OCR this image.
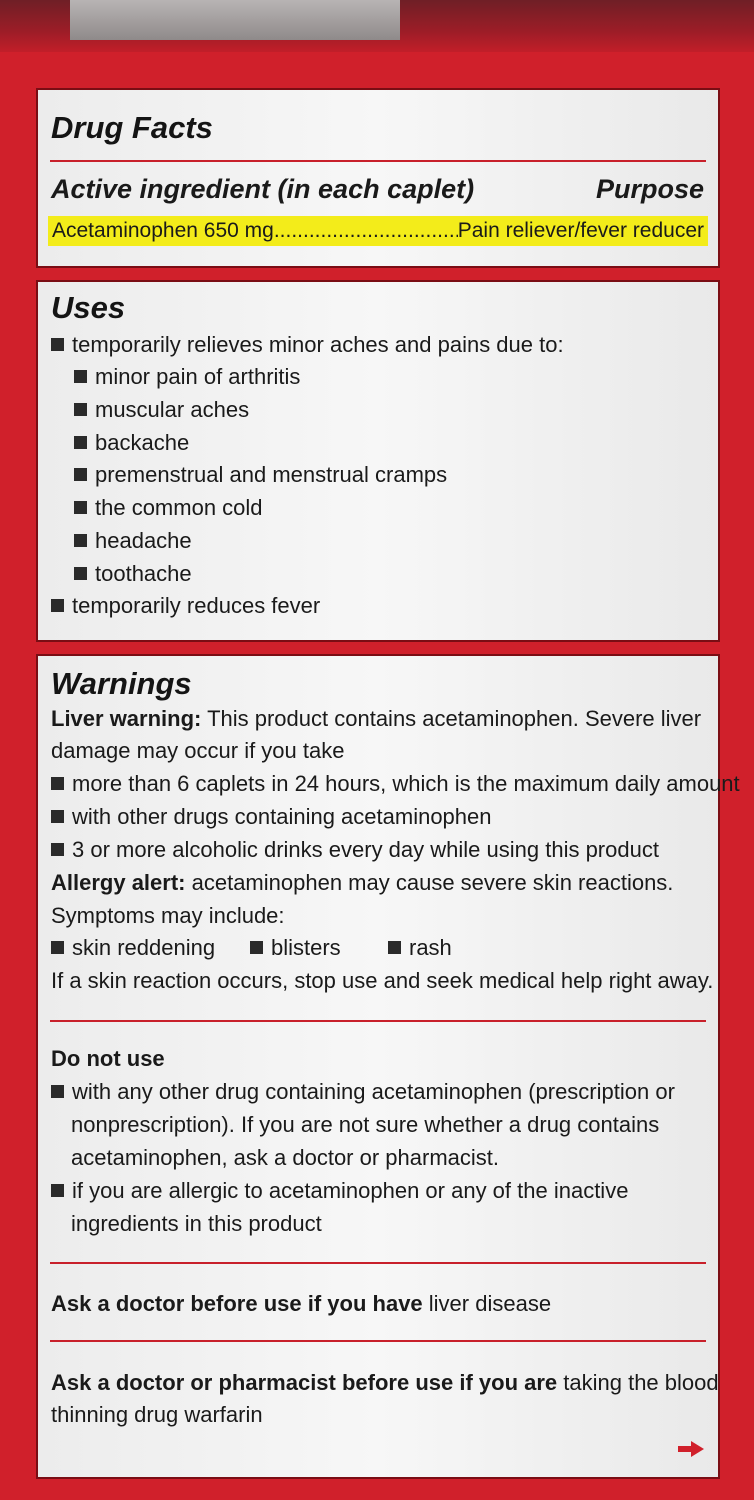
Drug Facts
Active ingredient (in each caplet)	Purpose
Acetaminophen 650 mg
.....	Pain reliever/fever reducer
Uses
temporarily relieves minor aches and pains due to:
minor pain of arthritis
muscular aches
backache
premenstrual and menstrual cramps
the common cold
headache
toothache
temporarily reduces fever
Warnings
Liver warning: This product contains acetaminophen. Severe liver
damage may occur if you take
more than 6 caplets in 24 hours, which is the maximum daily amount
with other drugs containing acetaminophen
3 or more alcoholic drinks every day while using this product
Allergy alert: acetaminophen may cause severe skin reactions.
Symptoms may include:
skin reddening	blisters	rash
If a skin reaction occurs, stop use and seek medical help right away.
Do not use
with any other drug containing acetaminophen (prescription or
nonprescription). If you are not sure whether a drug contains
acetaminophen, ask a doctor or pharmacist.
if you are allergic to acetaminophen or any of the inactive
ingredients in this product
Ask a doctor before use if you have liver disease
Ask a doctor or pharmacist before use if you are taking the blood
thinning drug warfarin
